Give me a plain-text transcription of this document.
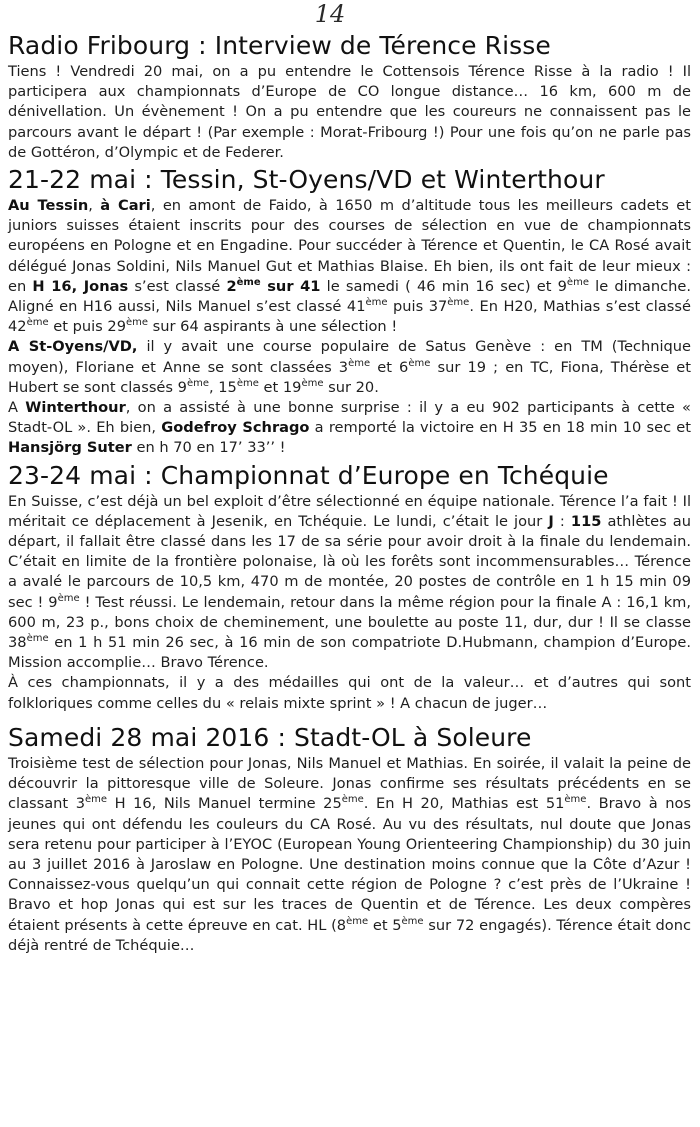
14
Radio Fribourg : Interview de Térence Risse

Tiens ! Vendredi 20 mai, on a pu entendre le Cottensois Térence Risse à la radio ! Il participera aux championnats d’Europe de CO longue distance… 16 km, 600 m de dénivellation. Un évènement ! On a pu entendre que les coureurs ne connaissent pas le parcours avant le départ ! (Par exemple : Morat-Fribourg !) Pour une fois qu’on ne parle pas de Gottéron, d’Olympic et de Federer.

21-22 mai : Tessin, St-Oyens/VD et Winterthour

Au Tessin, à Cari, en amont de Faido, à 1650 m d’altitude tous les meilleurs cadets et juniors suisses étaient inscrits pour des courses de sélection en vue de championnats européens en Pologne et en Engadine. Pour succéder à Térence et Quentin, le CA Rosé avait délégué Jonas Soldini, Nils Manuel Gut et Mathias Blaise. Eh bien, ils ont fait de leur mieux : en H 16, Jonas s’est classé 2ème sur 41 le samedi ( 46 min 16 sec) et 9ème le dimanche. Aligné en H16 aussi, Nils Manuel s’est classé 41ème puis 37ème. En H20, Mathias s’est classé 42ème et puis 29ème sur 64 aspirants à une sélection !

A St-Oyens/VD, il y avait une course populaire de Satus Genève : en TM (Technique moyen), Floriane et Anne se sont classées 3ème et 6ème sur 19 ; en TC, Fiona, Thérèse et Hubert se sont classés 9ème, 15ème et 19ème sur 20.

A Winterthour, on a assisté à une bonne surprise : il y a eu 902 participants à cette « Stadt-OL ». Eh bien, Godefroy Schrago a remporté la victoire en H 35 en 18 min 10 sec et Hansjörg Suter en h 70 en 17’ 33’’ !

23-24 mai : Championnat d’Europe en Tchéquie

En Suisse, c’est déjà un bel exploit d’être sélectionné en équipe nationale. Térence l’a fait ! Il méritait ce déplacement à Jesenik, en Tchéquie. Le lundi, c’était le jour J : 115 athlètes au départ, il fallait être classé dans les 17 de sa série pour avoir droit à la finale du lendemain. C’était en limite de la frontière polonaise, là où les forêts sont incommensurables… Térence a avalé le parcours de 10,5 km, 470 m de montée, 20 postes de contrôle en 1 h 15 min 09 sec ! 9ème ! Test réussi. Le lendemain, retour dans la même région pour la finale A : 16,1 km, 600 m, 23 p., bons choix de cheminement, une boulette au poste 11, dur, dur ! Il se classe 38ème en 1 h 51 min 26 sec, à 16 min de son compatriote D.Hubmann, champion d’Europe. Mission accomplie… Bravo Térence.

À ces championnats, il y a des médailles qui ont de la valeur… et d’autres qui sont folkloriques comme celles du « relais mixte sprint » ! A chacun de juger…

Samedi 28 mai 2016 : Stadt-OL à Soleure

Troisième test de sélection pour Jonas, Nils Manuel et Mathias. En soirée, il valait la peine de découvrir la pittoresque ville de Soleure. Jonas confirme ses résultats précédents en se classant 3ème H 16, Nils Manuel termine 25ème. En H 20, Mathias est 51ème. Bravo à nos jeunes qui ont défendu les couleurs du CA Rosé. Au vu des résultats, nul doute que Jonas sera retenu pour participer à l’EYOC (European Young Orienteering Championship) du 30 juin au 3 juillet 2016 à Jaroslaw en Pologne. Une destination moins connue que la Côte d’Azur ! Connaissez-vous quelqu’un qui connait cette région de Pologne ? c’est près de l’Ukraine ! Bravo et hop Jonas qui est sur les traces de Quentin et de Térence. Les deux compères étaient présents à cette épreuve en cat. HL (8ème et 5ème sur 72 engagés). Térence était donc déjà rentré de Tchéquie…
